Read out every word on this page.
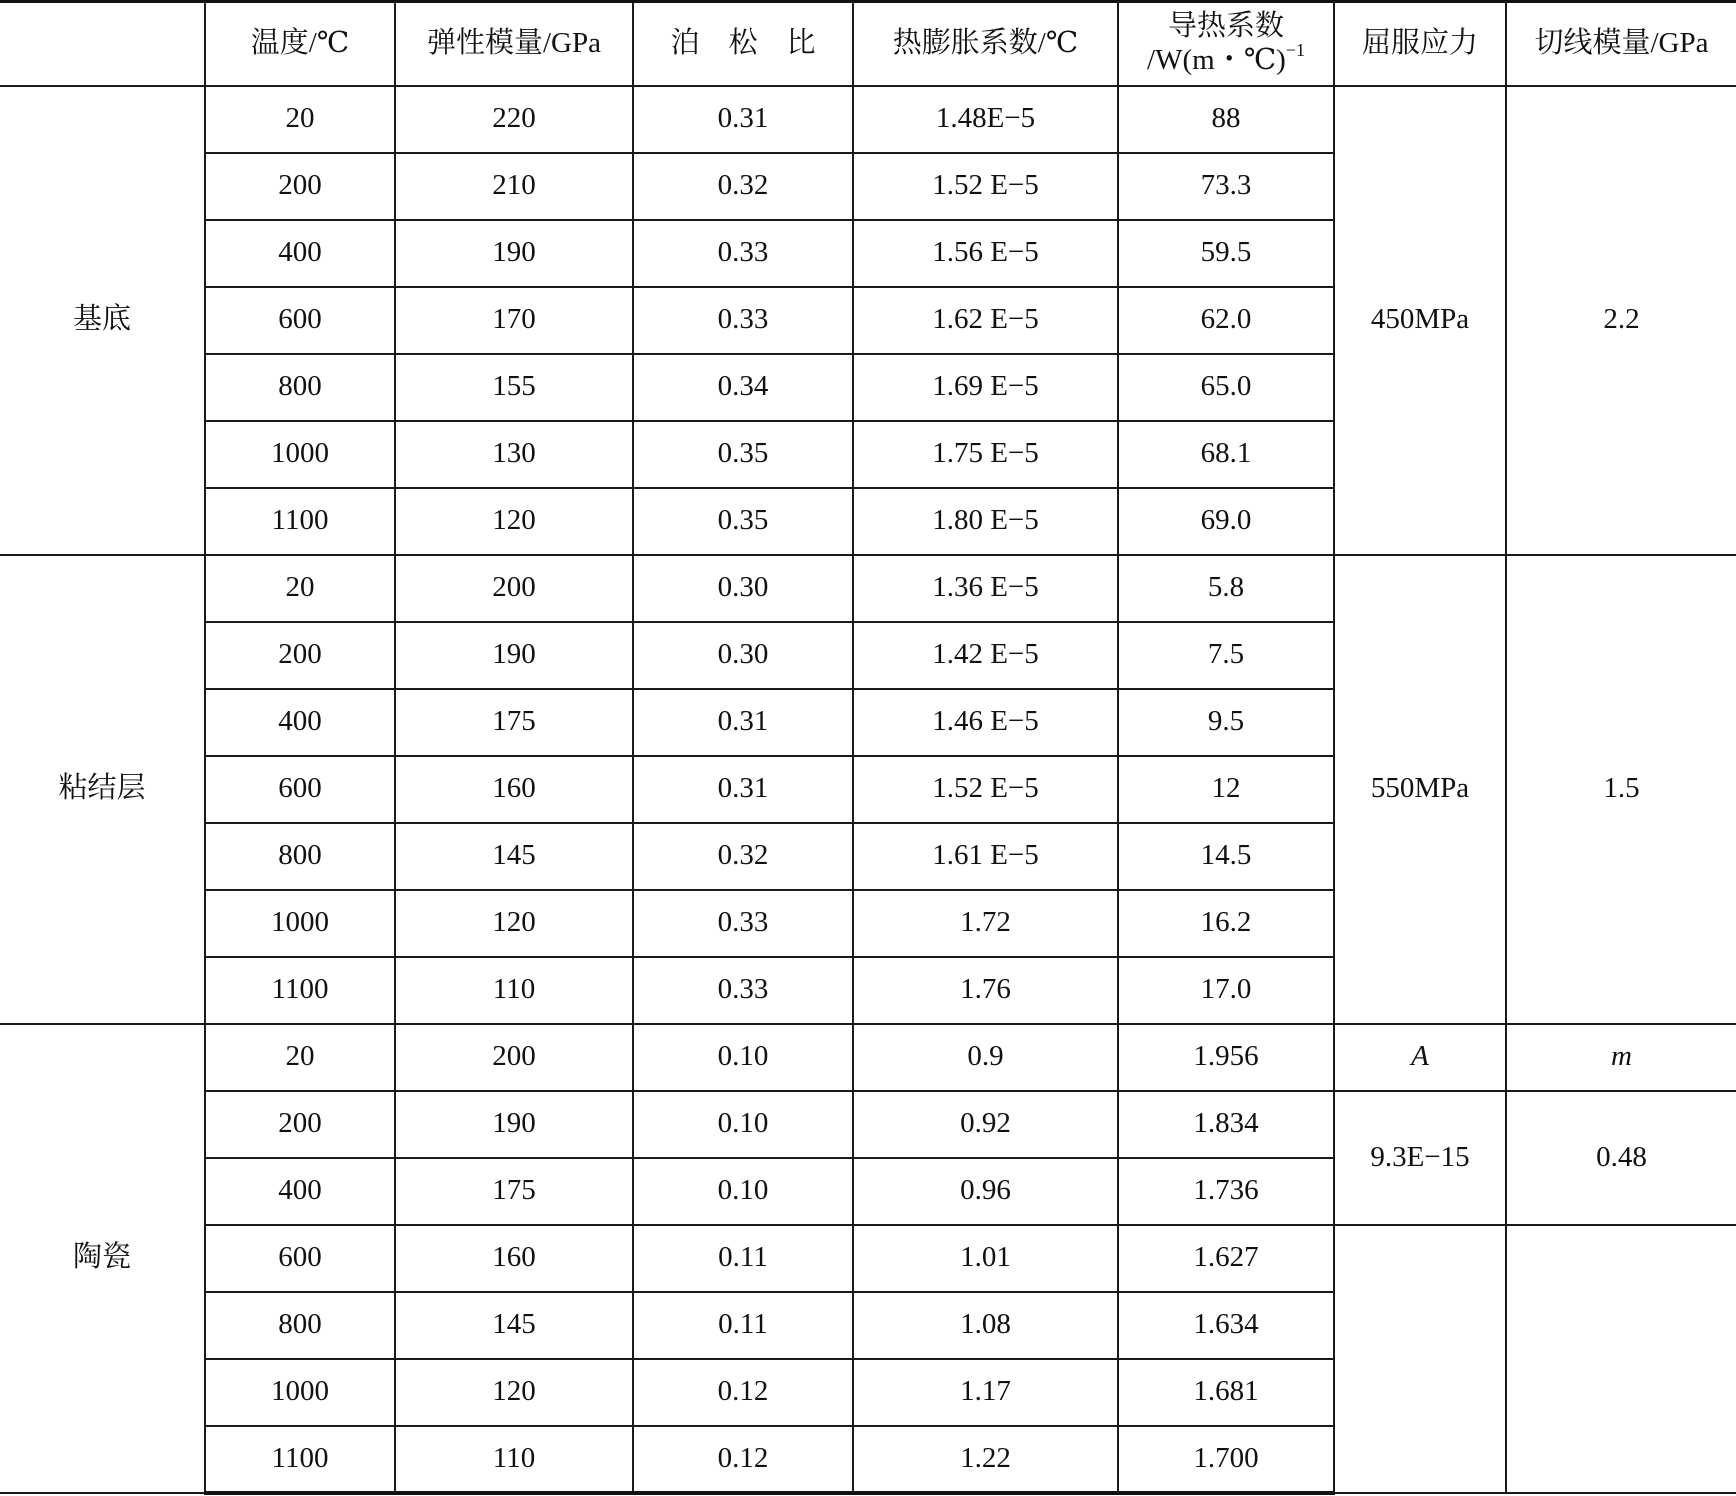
	温度/℃	弹性模量/GPa	泊　松　比	热膨胀系数/℃	导热系数
/W(m・℃)$^{-1}$	屈服应力	切线模量/GPa
基底	20	220	0.31	1.48E−5	88	450MPa	2.2
	200	210	0.32	1.52 E−5	73.3		
	400	190	0.33	1.56 E−5	59.5		
	600	170	0.33	1.62 E−5	62.0		
	800	155	0.34	1.69 E−5	65.0		
	1000	130	0.35	1.75 E−5	68.1		
	1100	120	0.35	1.80 E−5	69.0		
粘结层	20	200	0.30	1.36 E−5	5.8	550MPa	1.5
	200	190	0.30	1.42 E−5	7.5		
	400	175	0.31	1.46 E−5	9.5		
	600	160	0.31	1.52 E−5	12		
	800	145	0.32	1.61 E−5	14.5		
	1000	120	0.33	1.72	16.2		
	1100	110	0.33	1.76	17.0		
陶瓷	20	200	0.10	0.9	1.956	A	m
	200	190	0.10	0.92	1.834	9.3E−15	0.48
	400	175	0.10	0.96	1.736		
	600	160	0.11	1.01	1.627		
	800	145	0.11	1.08	1.634		
	1000	120	0.12	1.17	1.681		
	1100	110	0.12	1.22	1.700		
